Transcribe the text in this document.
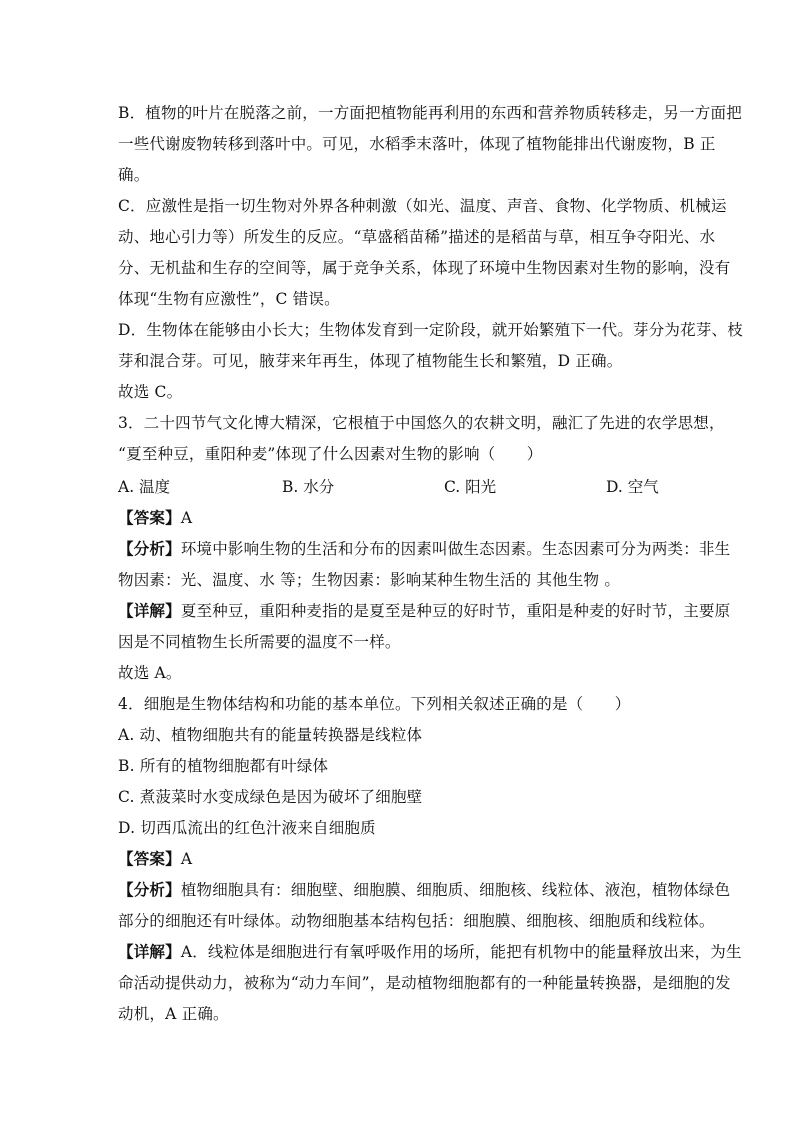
B．植物的叶片在脱落之前，一方面把植物能再利用的东西和营养物质转移走，另一方面把
一些代谢废物转移到落叶中。可见，水稻季末落叶，体现了植物能排出代谢废物，B 正
确。
C．应激性是指一切生物对外界各种刺激（如光、温度、声音、食物、化学物质、机械运
动、地心引力等）所发生的反应。“草盛稻苗稀”描述的是稻苗与草，相互争夺阳光、水
分、无机盐和生存的空间等，属于竞争关系，体现了环境中生物因素对生物的影响，没有
体现“生物有应激性”，C 错误。
D．生物体在能够由小长大；生物体发育到一定阶段，就开始繁殖下一代。芽分为花芽、枝
芽和混合芽。可见，腋芽来年再生，体现了植物能生长和繁殖，D 正确。
故选 C。
3．二十四节气文化博大精深，它根植于中国悠久的农耕文明，融汇了先进的农学思想，
“夏至种豆，重阳种麦”体现了什么因素对生物的影响（　　）
A. 温度	B. 水分	C. 阳光	D. 空气
【答案】A
【分析】环境中影响生物的生活和分布的因素叫做生态因素。生态因素可分为两类：非生
物因素：光、温度、水 等；生物因素：影响某种生物生活的 其他生物 。
【详解】夏至种豆，重阳种麦指的是夏至是种豆的好时节，重阳是种麦的好时节，主要原
因是不同植物生长所需要的温度不一样。
故选 A。
4．细胞是生物体结构和功能的基本单位。下列相关叙述正确的是（　　）
A. 动、植物细胞共有的能量转换器是线粒体
B. 所有的植物细胞都有叶绿体
C. 煮菠菜时水变成绿色是因为破坏了细胞壁
D. 切西瓜流出的红色汁液来自细胞质
【答案】A
【分析】植物细胞具有：细胞壁、细胞膜、细胞质、细胞核、线粒体、液泡，植物体绿色
部分的细胞还有叶绿体。动物细胞基本结构包括：细胞膜、细胞核、细胞质和线粒体。
【详解】A．线粒体是细胞进行有氧呼吸作用的场所，能把有机物中的能量释放出来，为生
命活动提供动力，被称为“动力车间”，是动植物细胞都有的一种能量转换器，是细胞的发
动机，A 正确。
